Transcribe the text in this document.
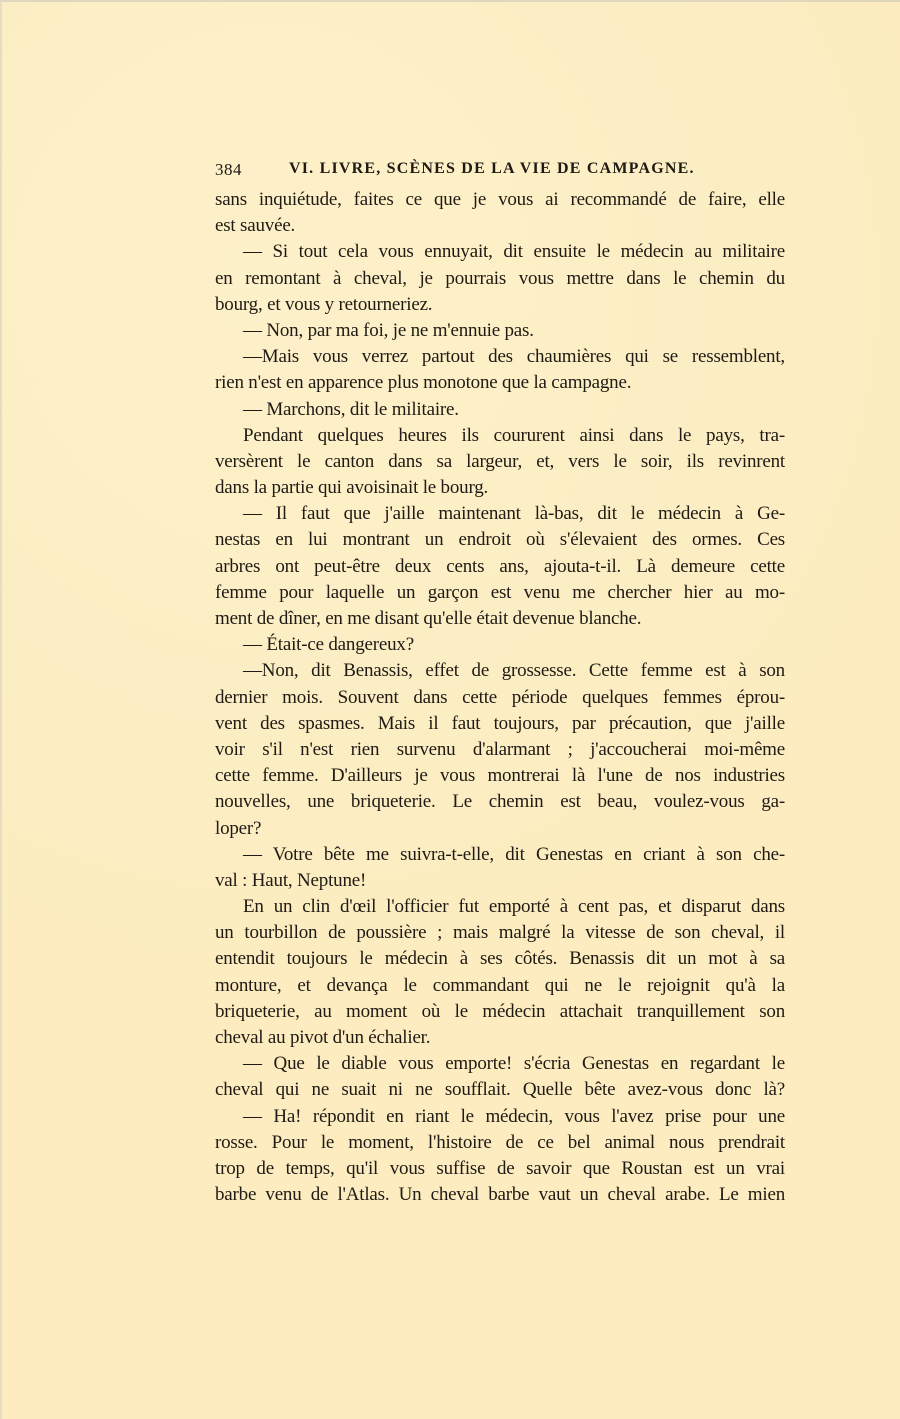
384	VI. LIVRE, SCÈNES DE LA VIE DE CAMPAGNE.
sans inquiétude, faites ce que je vous ai recommandé de faire, elle
est sauvée.
— Si tout cela vous ennuyait, dit ensuite le médecin au militaire
en remontant à cheval, je pourrais vous mettre dans le chemin du
bourg, et vous y retourneriez.
— Non, par ma foi, je ne m'ennuie pas.
—Mais vous verrez partout des chaumières qui se ressemblent,
rien n'est en apparence plus monotone que la campagne.
— Marchons, dit le militaire.
Pendant quelques heures ils coururent ainsi dans le pays, tra-
versèrent le canton dans sa largeur, et, vers le soir, ils revinrent
dans la partie qui avoisinait le bourg.
— Il faut que j'aille maintenant là-bas, dit le médecin à Ge-
nestas en lui montrant un endroit où s'élevaient des ormes. Ces
arbres ont peut-être deux cents ans, ajouta-t-il. Là demeure cette
femme pour laquelle un garçon est venu me chercher hier au mo-
ment de dîner, en me disant qu'elle était devenue blanche.
— Était-ce dangereux?
—Non, dit Benassis, effet de grossesse. Cette femme est à son
dernier mois. Souvent dans cette période quelques femmes éprou-
vent des spasmes. Mais il faut toujours, par précaution, que j'aille
voir s'il n'est rien survenu d'alarmant ; j'accoucherai moi-même
cette femme. D'ailleurs je vous montrerai là l'une de nos industries
nouvelles, une briqueterie. Le chemin est beau, voulez-vous ga-
loper?
— Votre bête me suivra-t-elle, dit Genestas en criant à son che-
val : Haut, Neptune!
En un clin d'œil l'officier fut emporté à cent pas, et disparut dans
un tourbillon de poussière ; mais malgré la vitesse de son cheval, il
entendit toujours le médecin à ses côtés. Benassis dit un mot à sa
monture, et devança le commandant qui ne le rejoignit qu'à la
briqueterie, au moment où le médecin attachait tranquillement son
cheval au pivot d'un échalier.
— Que le diable vous emporte! s'écria Genestas en regardant le
cheval qui ne suait ni ne soufflait. Quelle bête avez-vous donc là?
— Ha! répondit en riant le médecin, vous l'avez prise pour une
rosse. Pour le moment, l'histoire de ce bel animal nous prendrait
trop de temps, qu'il vous suffise de savoir que Roustan est un vrai
barbe venu de l'Atlas. Un cheval barbe vaut un cheval arabe. Le mien
